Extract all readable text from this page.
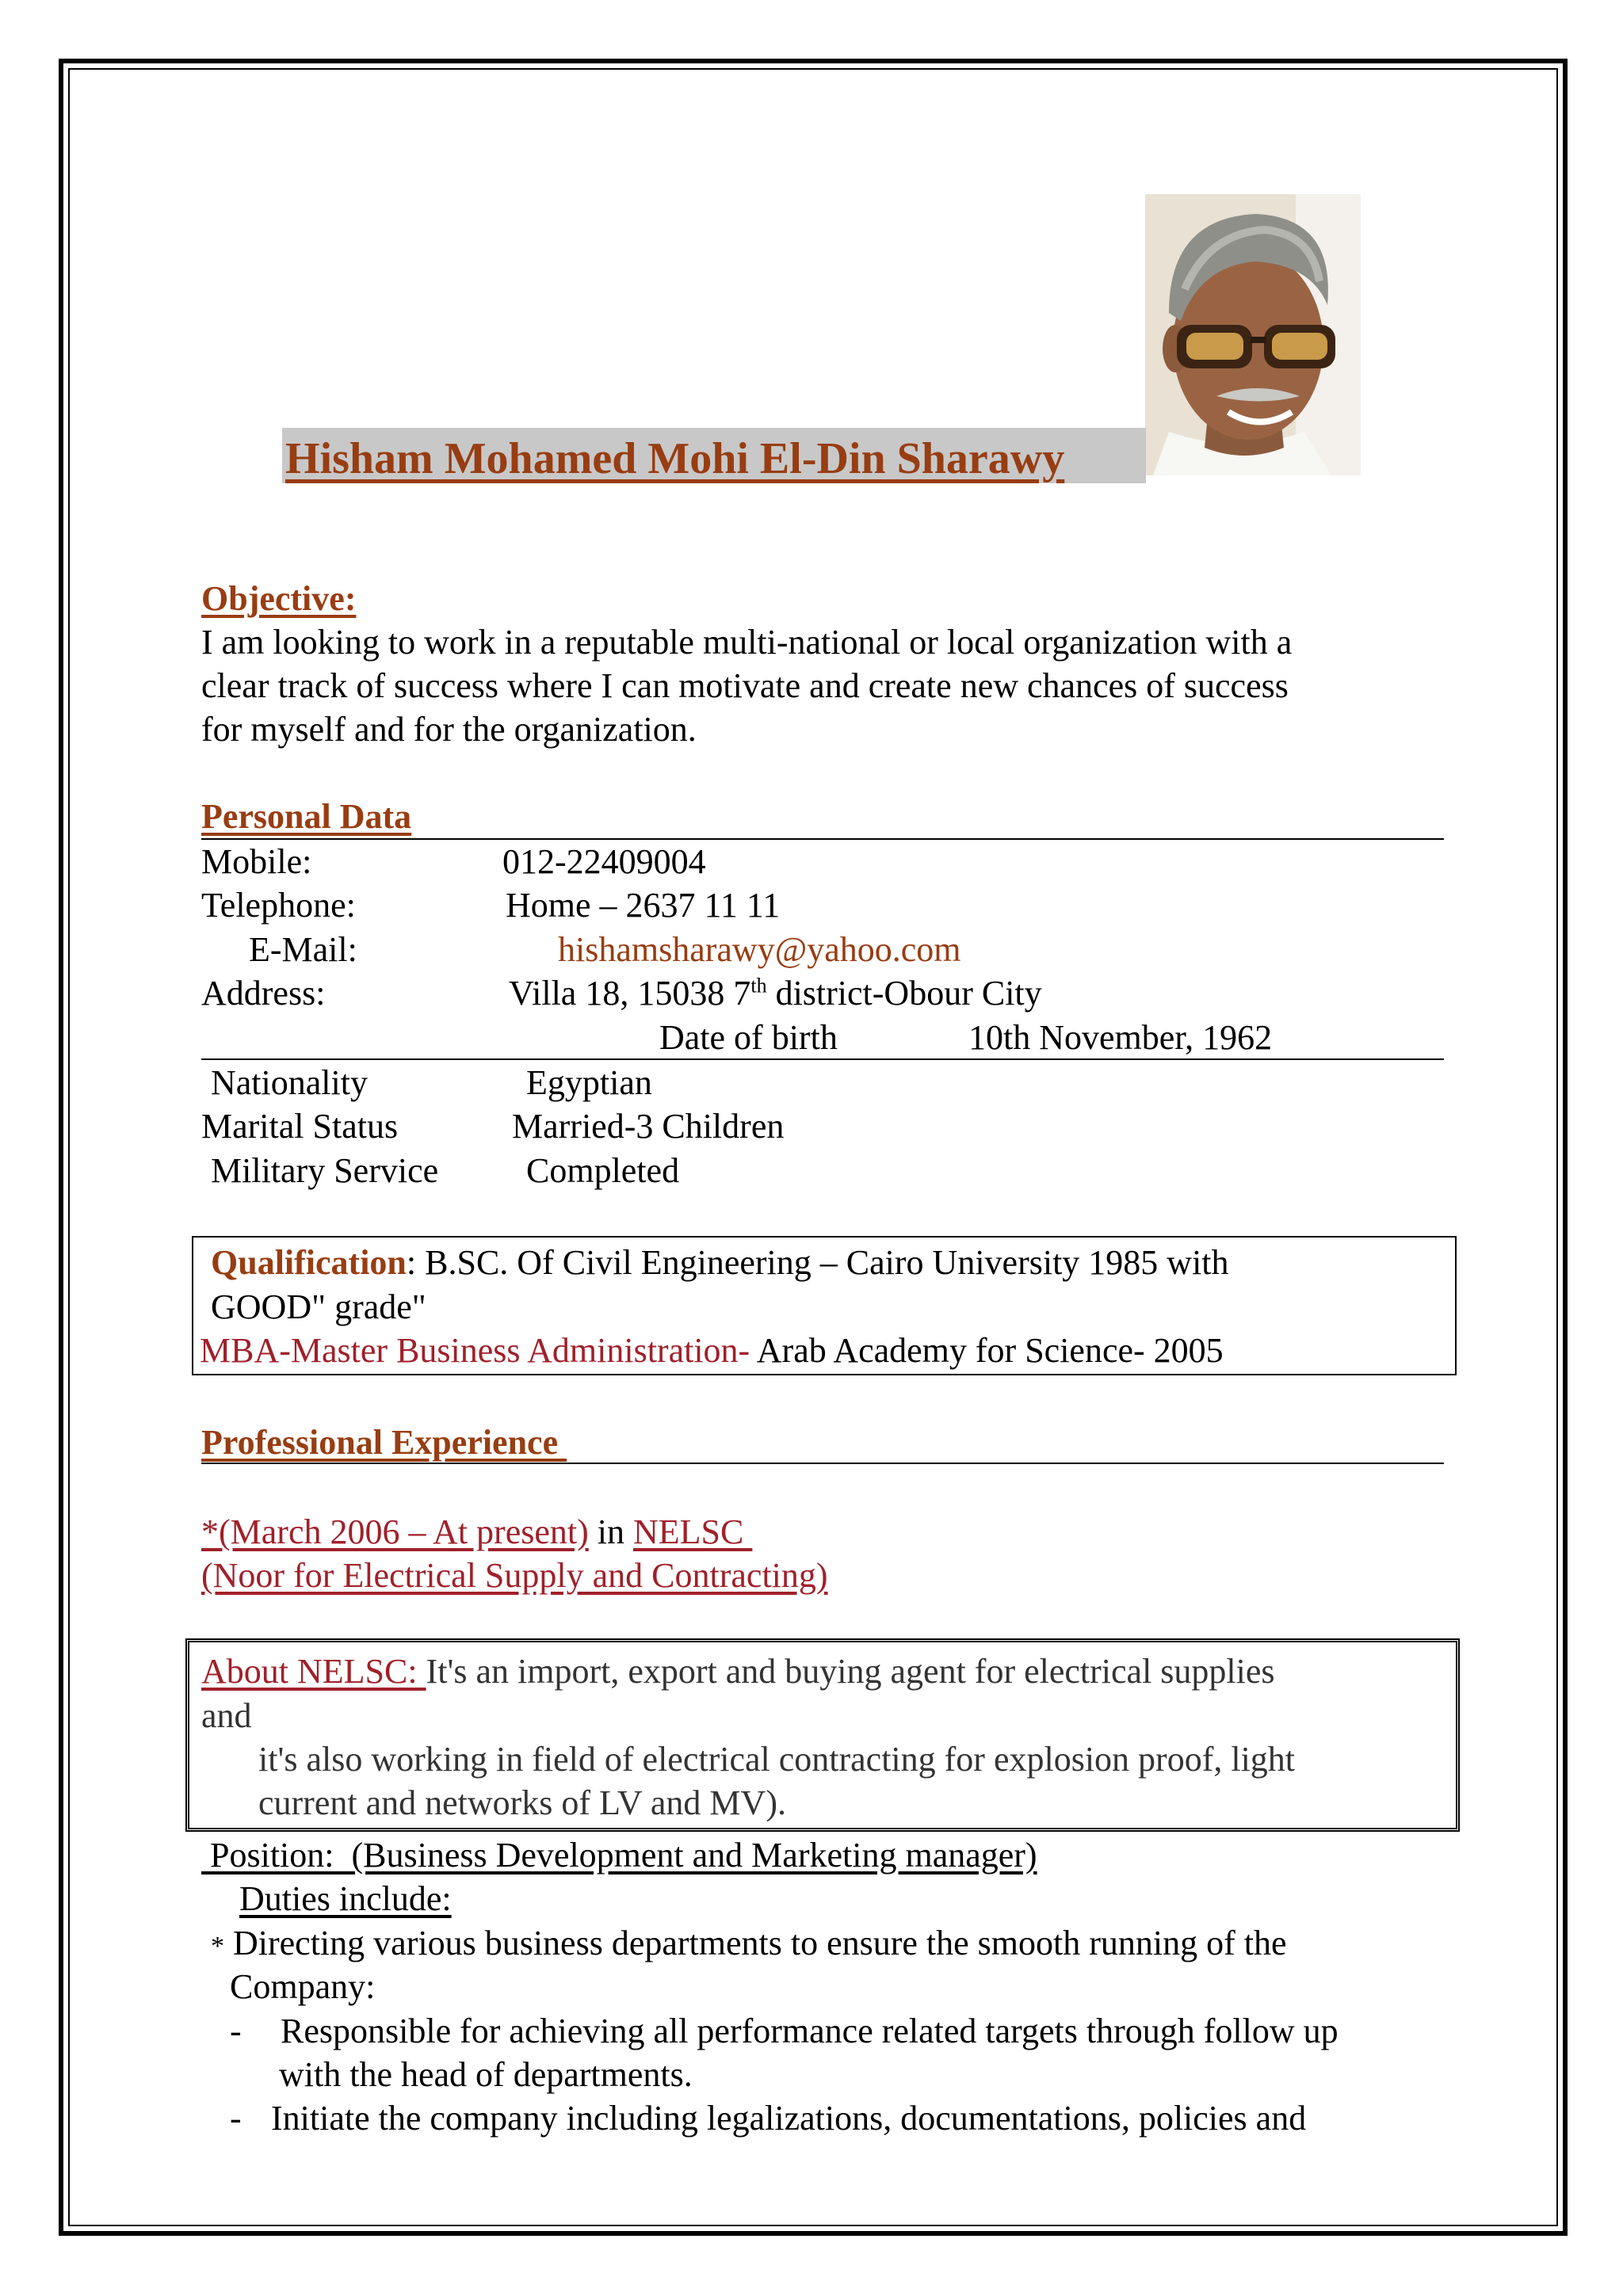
Hisham Mohamed Mohi El-Din Sharawy
Objective:
I am looking to work in a reputable multi-national or local organization with a
clear track of success where I can motivate and create new chances of success
for myself and for the organization.
Personal Data
Mobile:	012-22409004
Telephone:	Home – 2637 11 11
E-Mail:	hishamsharawy@yahoo.com
Address:	Villa 18, 15038 7th district-Obour City
Date of birth	10th November, 1962
Nationality	Egyptian
Marital Status	Married-3 Children
Military Service	Completed
Qualification: B.SC. Of Civil Engineering – Cairo University 1985 with
GOOD" grade"
MBA-Master Business Administration- Arab Academy for Science- 2005
Professional Experience
*(March 2006 – At present) in NELSC
(Noor for Electrical Supply and Contracting)
About NELSC: It's an import, export and buying agent for electrical supplies
and
it's also working in field of electrical contracting for explosion proof, light
current and networks of LV and MV).
Position:  (Business Development and Marketing manager)
Duties include:
* Directing various business departments to ensure the smooth running of the
Company:
- Responsible for achieving all performance related targets through follow up
with the head of departments.
- Initiate the company including legalizations, documentations, policies and
